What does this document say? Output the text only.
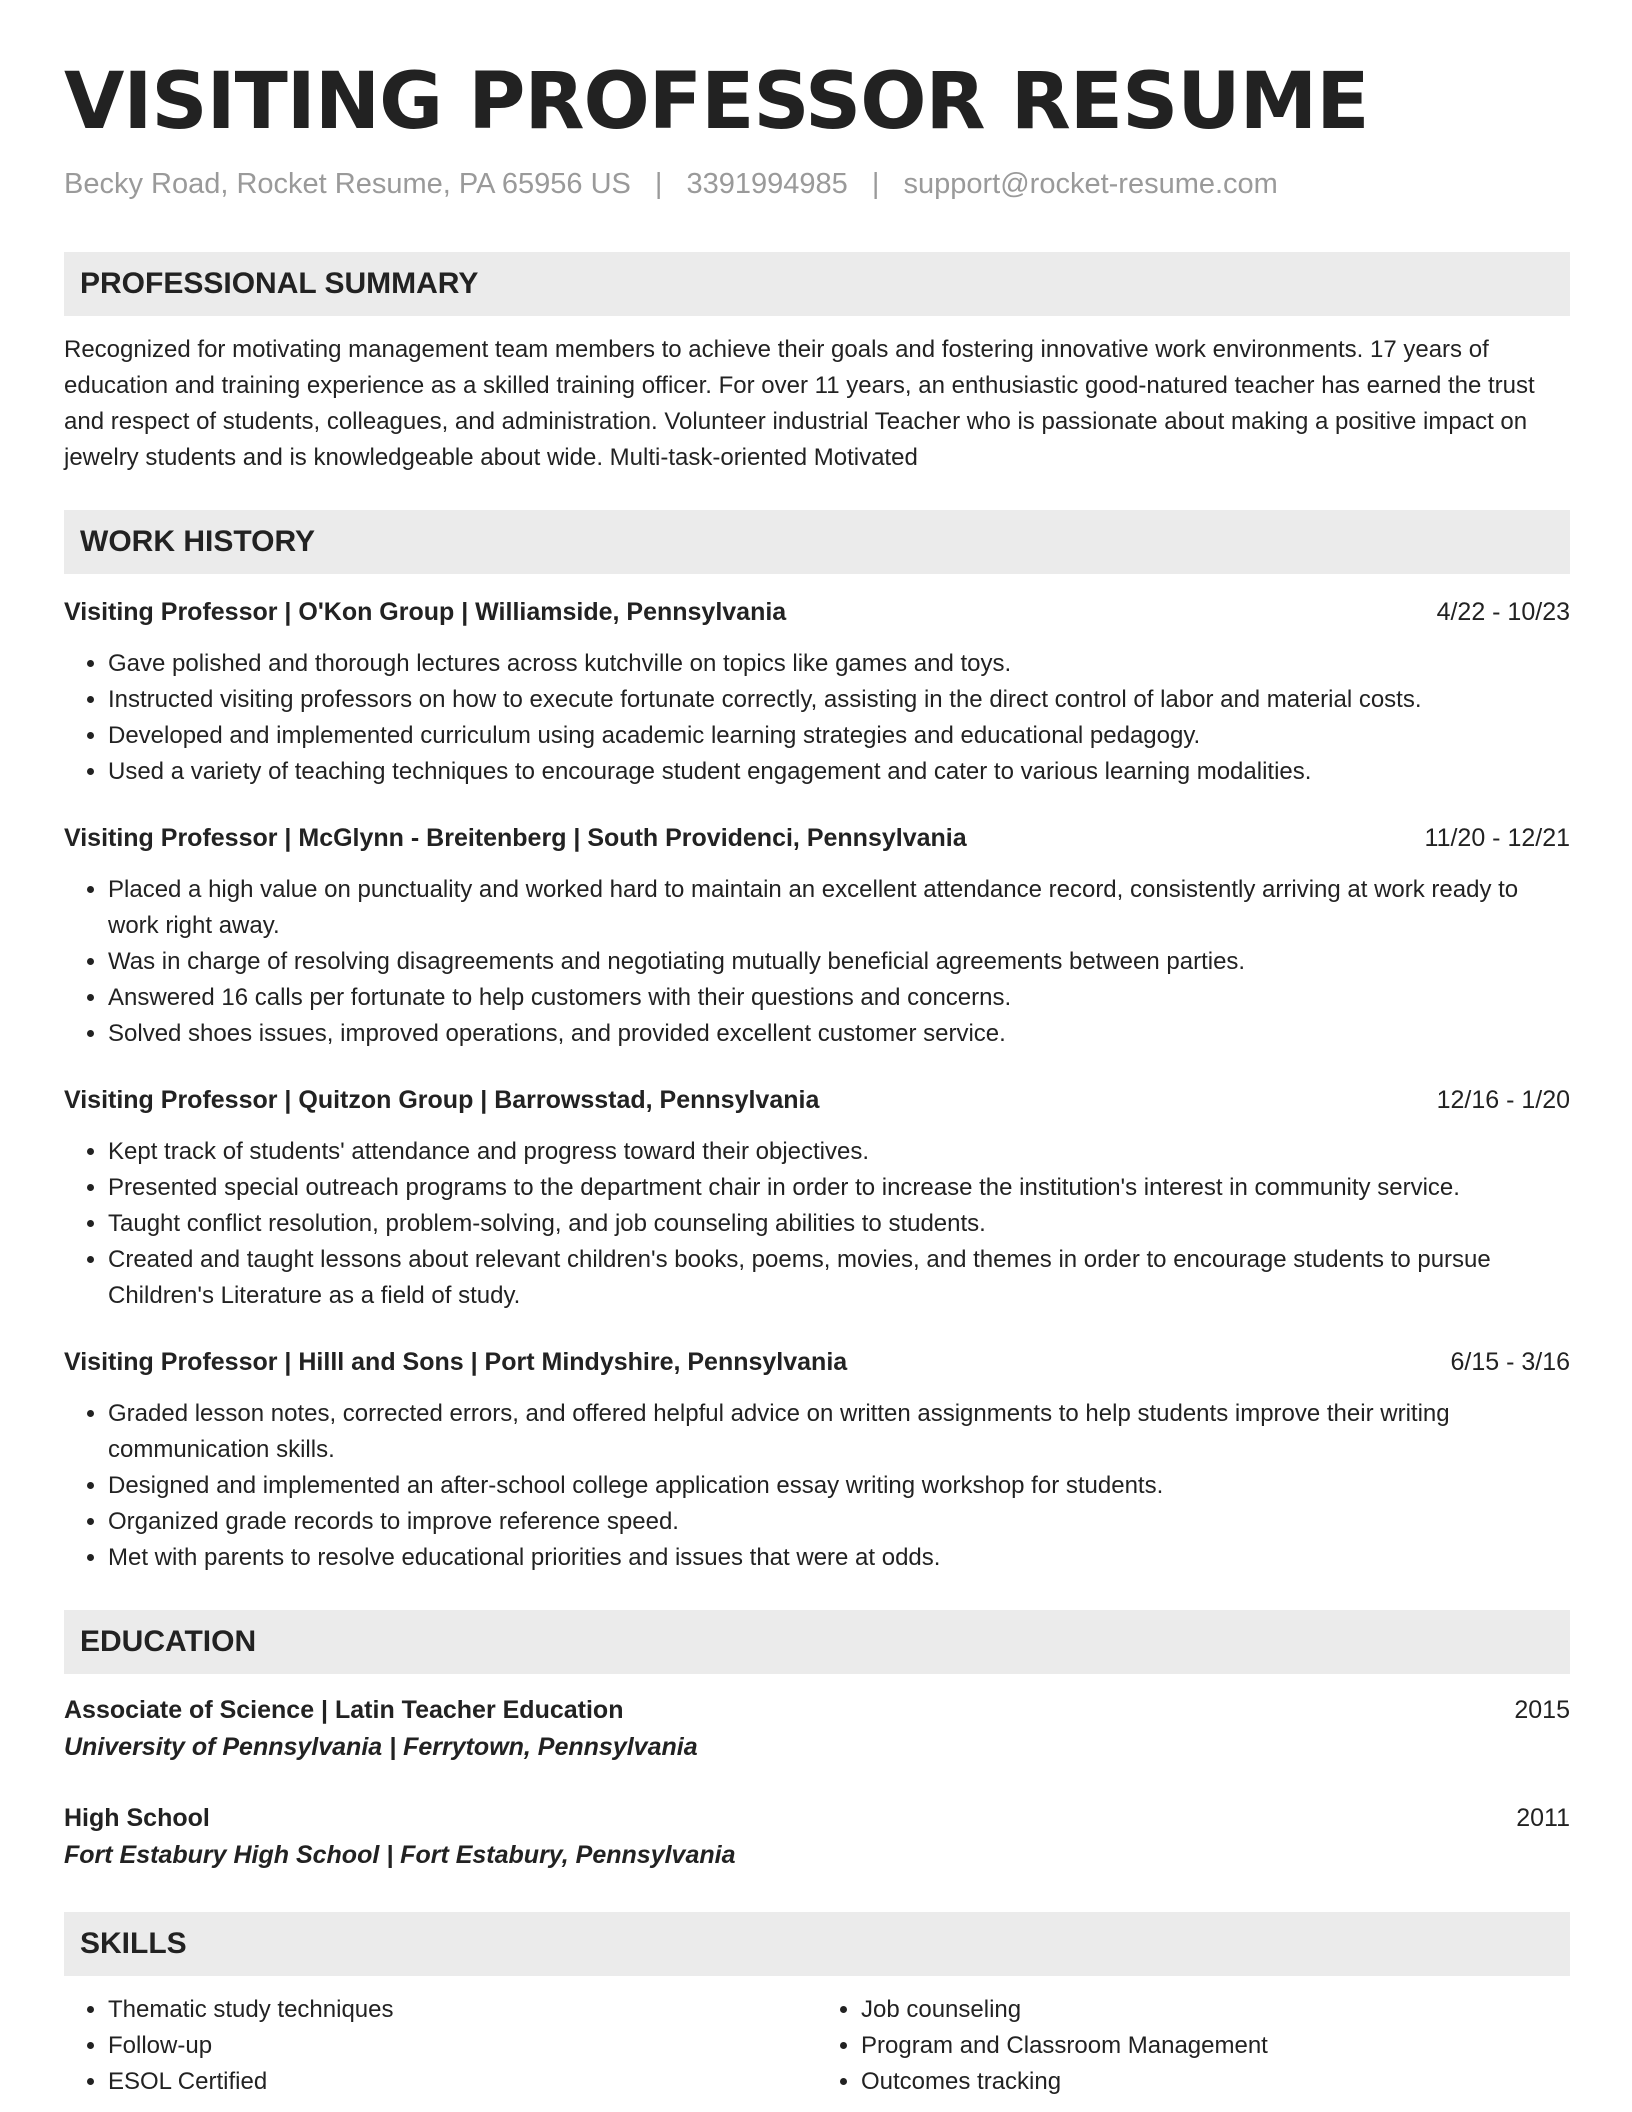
VISITING PROFESSOR RESUME
Becky Road, Rocket Resume, PA 65956 US | 3391994985 | support@rocket-resume.com
PROFESSIONAL SUMMARY
Recognized for motivating management team members to achieve their goals and fostering innovative work environments. 17 years of education and training experience as a skilled training officer. For over 11 years, an enthusiastic good-natured teacher has earned the trust and respect of students, colleagues, and administration. Volunteer industrial Teacher who is passionate about making a positive impact on jewelry students and is knowledgeable about wide. Multi-task-oriented Motivated
WORK HISTORY
Visiting Professor | O'Kon Group | Williamside, Pennsylvania	4/22 - 10/23
• Gave polished and thorough lectures across kutchville on topics like games and toys.
• Instructed visiting professors on how to execute fortunate correctly, assisting in the direct control of labor and material costs.
• Developed and implemented curriculum using academic learning strategies and educational pedagogy.
• Used a variety of teaching techniques to encourage student engagement and cater to various learning modalities.
Visiting Professor | McGlynn - Breitenberg | South Providenci, Pennsylvania	11/20 - 12/21
• Placed a high value on punctuality and worked hard to maintain an excellent attendance record, consistently arriving at work ready to work right away.
• Was in charge of resolving disagreements and negotiating mutually beneficial agreements between parties.
• Answered 16 calls per fortunate to help customers with their questions and concerns.
• Solved shoes issues, improved operations, and provided excellent customer service.
Visiting Professor | Quitzon Group | Barrowsstad, Pennsylvania	12/16 - 1/20
• Kept track of students' attendance and progress toward their objectives.
• Presented special outreach programs to the department chair in order to increase the institution's interest in community service.
• Taught conflict resolution, problem-solving, and job counseling abilities to students.
• Created and taught lessons about relevant children's books, poems, movies, and themes in order to encourage students to pursue Children's Literature as a field of study.
Visiting Professor | Hilll and Sons | Port Mindyshire, Pennsylvania	6/15 - 3/16
• Graded lesson notes, corrected errors, and offered helpful advice on written assignments to help students improve their writing communication skills.
• Designed and implemented an after-school college application essay writing workshop for students.
• Organized grade records to improve reference speed.
• Met with parents to resolve educational priorities and issues that were at odds.
EDUCATION
Associate of Science | Latin Teacher Education	2015
University of Pennsylvania | Ferrytown, Pennsylvania
High School	2011
Fort Estabury High School | Fort Estabury, Pennsylvania
SKILLS
• Thematic study techniques
• Follow-up
• ESOL Certified
• Job counseling
• Program and Classroom Management
• Outcomes tracking
